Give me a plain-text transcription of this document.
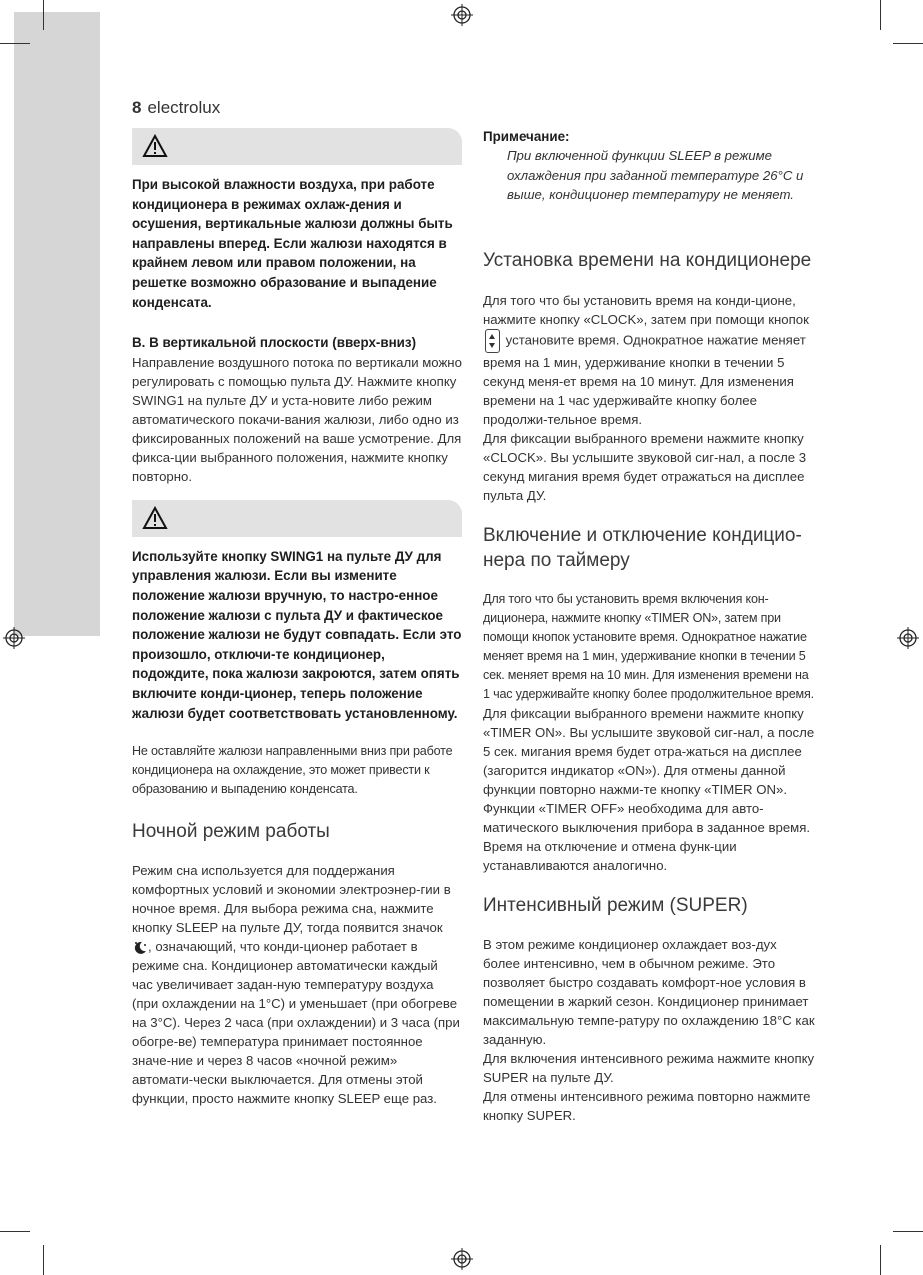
8 electrolux

При высокой влажности воздуха, при работе кондиционера в режимах охлаж-дения и осушения, вертикальные жалюзи должны быть направлены вперед. Если жалюзи находятся в крайнем левом или правом положении, на решетке возможно образование и выпадение конденсата.

B. В вертикальной плоскости (вверх-вниз)

Направление воздушного потока по вертикали можно регулировать с помощью пульта ДУ. Нажмите кнопку SWING1 на пульте ДУ и уста-новите либо режим автоматического покачи-вания жалюзи, либо одно из фиксированных положений на ваше усмотрение. Для фикса-ции выбранного положения, нажмите кнопку повторно.

Используйте кнопку SWING1 на пульте ДУ для управления жалюзи. Если вы измените положение жалюзи вручную, то настро-енное положение жалюзи с пульта ДУ и фактическое положение жалюзи не будут совпадать. Если это произошло, отключи-те кондиционер, подождите, пока жалюзи закроются, затем опять включите конди-ционер, теперь положение жалюзи будет соответствовать установленному.

Не оставляйте жалюзи направленными вниз при работе кондиционера на охлаждение, это может привести к образованию и выпадению конденсата.

Ночной режим работы

Режим сна используется для поддержания комфортных условий и экономии электроэнер-гии в ночное время. Для выбора режима сна, нажмите кнопку SLEEP на пульте ДУ, тогда появится значок , означающий, что конди-ционер работает в режиме сна. Кондиционер автоматически каждый час увеличивает задан-ную температуру воздуха (при охлаждении на 1°C) и уменьшает (при обогреве на 3°C). Через 2 часа (при охлаждении) и 3 часа (при обогре-ве) температура принимает постоянное значе-ние и через 8 часов «ночной режим» автомати-чески выключается. Для отмены этой функции, просто нажмите кнопку SLEEP еще раз.

Примечание:
При включенной функции SLEEP в режиме охлаждения при заданной температуре 26°C и выше, кондиционер температуру не меняет.
Установка времени на кондиционере

Для того что бы установить время на конди-ционе, нажмите кнопку «CLOCK», затем при помощи кнопок  установите время. Однократное нажатие меняет время на 1 мин, удерживание кнопки в течении 5 секунд меня-ет время на 10 минут. Для изменения времени на 1 час удерживайте кнопку более продолжи-тельное время.

Для фиксации выбранного времени нажмите кнопку «CLOCK». Вы услышите звуковой сиг-нал, а после 3 секунд мигания время будет отражаться на дисплее пульта ДУ.

Включение и отключение кондицио-нера по таймеру

Для того что бы установить время включения кон-диционера, нажмите кнопку «TIMER ON», затем при помощи кнопок установите время. Однократное нажатие меняет время на 1 мин, удерживание кнопки в течении 5 сек. меняет время на 10 мин. Для изменения времени на 1 час удерживайте кнопку более продолжительное время.

Для фиксации выбранного времени нажмите кнопку «TIMER ON». Вы услышите звуковой сиг-нал, а после 5 сек. мигания время будет отра-жаться на дисплее (загорится индикатор «ON»). Для отмены данной функции повторно нажми-те кнопку «TIMER ON».

Функции «TIMER OFF» необходима для авто-матического выключения прибора в заданное время. Время на отключение и отмена функ-ции устанавливаются аналогично.

Интенсивный режим (SUPER)

В этом режиме кондиционер охлаждает воз-дух более интенсивно, чем в обычном режиме. Это позволяет быстро создавать комфорт-ное условия в помещении в жаркий сезон. Кондиционер принимает максимальную темпе-ратуру по охлаждению 18°C как заданную.

Для включения интенсивного режима нажмите кнопку SUPER на пульте ДУ.

Для отмены интенсивного режима повторно нажмите кнопку SUPER.
